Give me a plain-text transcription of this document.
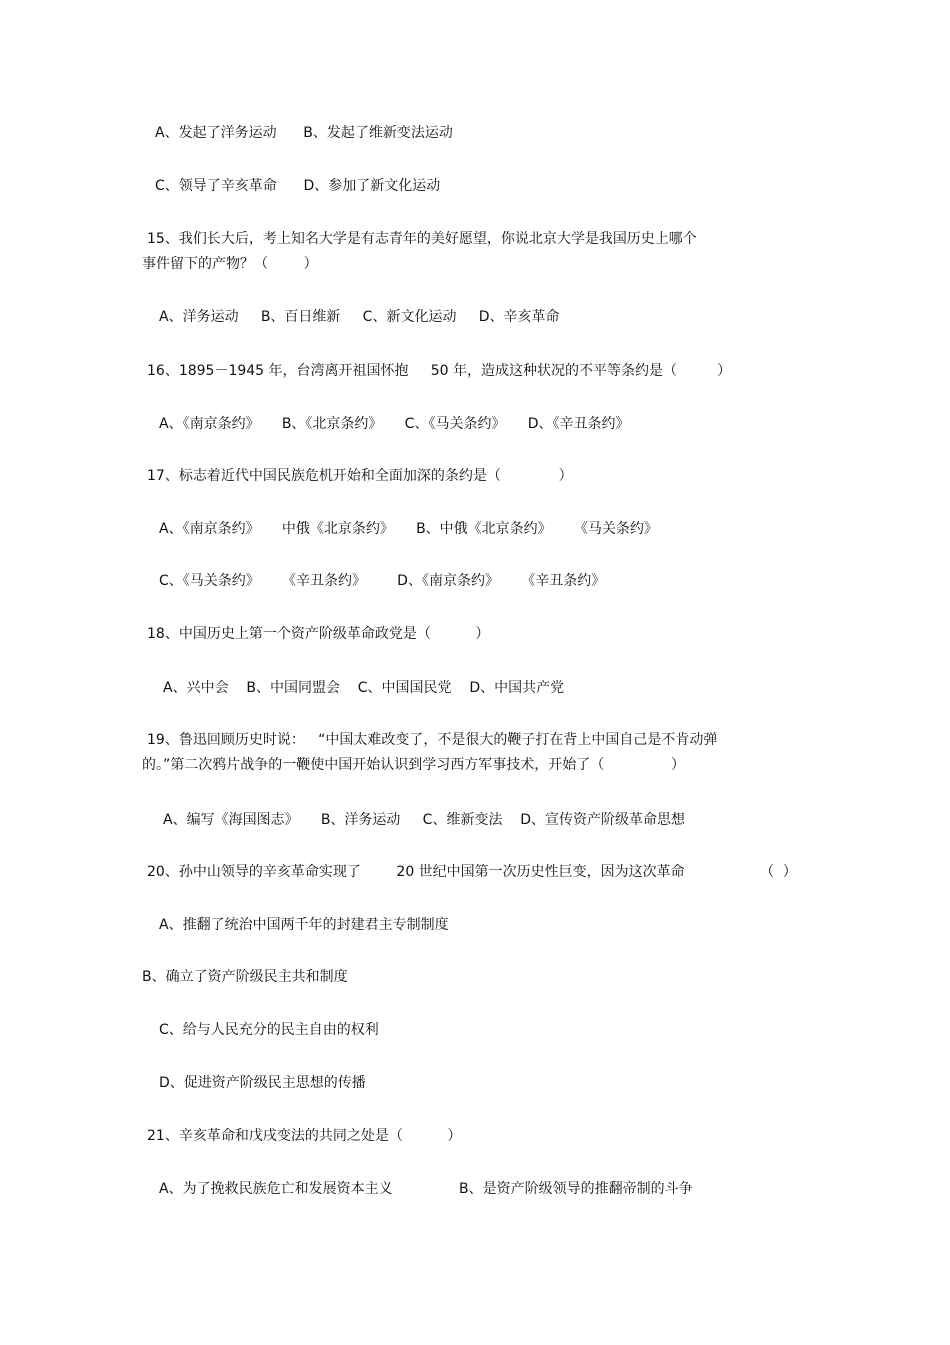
A、发起了洋务运动      B、发起了维新变法运动
C、领导了辛亥革命      D、参加了新文化运动
15、我们长大后，考上知名大学是有志青年的美好愿望，你说北京大学是我国历史上哪个
事件留下的产物？（        ）
A、洋务运动     B、百日维新     C、新文化运动     D、辛亥革命
16、1895－1945 年，台湾离开祖国怀抱     50 年，造成这种状况的不平等条约是（         ）
A、《南京条约》     B、《北京条约》     C、《马关条约》     D、《辛丑条约》
17、标志着近代中国民族危机开始和全面加深的条约是（             ）
A、《南京条约》     中俄《北京条约》     B、中俄《北京条约》     《马关条约》
C、《马关条约》     《辛丑条约》       D、《南京条约》     《辛丑条约》
18、中国历史上第一个资产阶级革命政党是（          ）
A、兴中会    B、中国同盟会    C、中国国民党    D、中国共产党
19、鲁迅回顾历史时说：   “中国太难改变了，不是很大的鞭子打在背上中国自己是不肯动弹
的。”第二次鸦片战争的一鞭使中国开始认识到学习西方军事技术，开始了（               ）
A、编写《海国图志》     B、洋务运动     C、维新变法    D、宣传资产阶级革命思想
20、孙中山领导的辛亥革命实现了        20 世纪中国第一次历史性巨变，因为这次革命	（  ）
A、推翻了统治中国两千年的封建君主专制制度
B、确立了资产阶级民主共和制度
C、给与人民充分的民主自由的权利
D、促进资产阶级民主思想的传播
21、辛亥革命和戊戌变法的共同之处是（          ）
A、为了挽救民族危亡和发展资本主义	B、是资产阶级领导的推翻帝制的斗争
